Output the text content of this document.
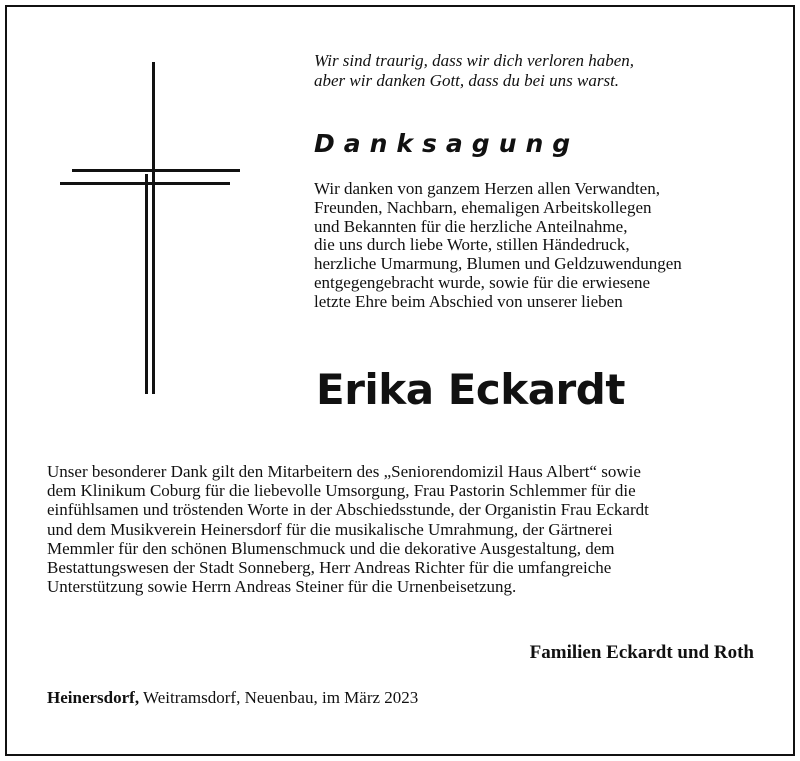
Wir sind traurig, dass wir dich verloren haben,
aber wir danken Gott, dass du bei uns warst.
Danksagung
Wir danken von ganzem Herzen allen Verwandten,
Freunden, Nachbarn, ehemaligen Arbeitskollegen
und Bekannten für die herzliche Anteilnahme,
die uns durch liebe Worte, stillen Händedruck,
herzliche Umarmung, Blumen und Geldzuwendungen
entgegengebracht wurde, sowie für die erwiesene
letzte Ehre beim Abschied von unserer lieben
Erika Eckardt
Unser besonderer Dank gilt den Mitarbeitern des „Seniorendomizil Haus Albert“ sowie
dem Klinikum Coburg für die liebevolle Umsorgung, Frau Pastorin Schlemmer für die
einfühlsamen und tröstenden Worte in der Abschiedsstunde, der Organistin Frau Eckardt
und dem Musikverein Heinersdorf für die musikalische Umrahmung, der Gärtnerei
Memmler für den schönen Blumenschmuck und die dekorative Ausgestaltung, dem
Bestattungswesen der Stadt Sonneberg, Herr Andreas Richter für die umfangreiche
Unterstützung sowie Herrn Andreas Steiner für die Urnenbeisetzung.
Familien Eckardt und Roth
Heinersdorf, Weitramsdorf, Neuenbau, im März 2023
